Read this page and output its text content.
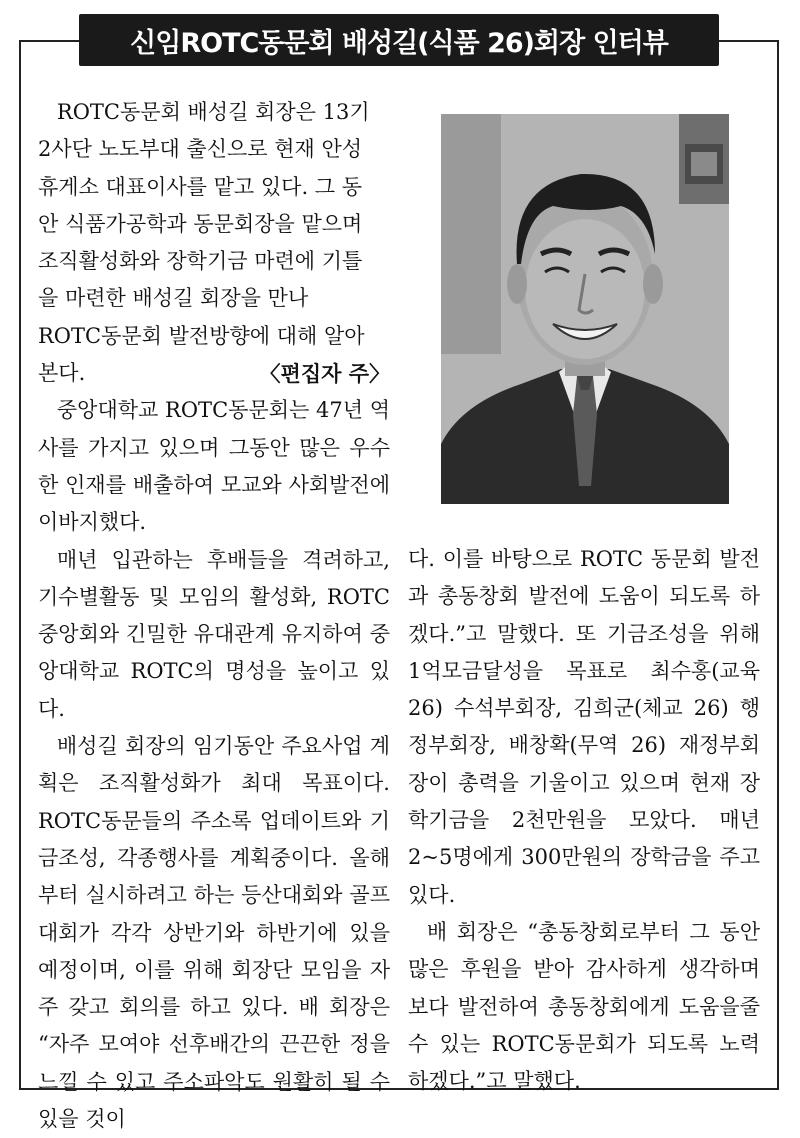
신임ROTC동문회 배성길(식품 26)회장 인터뷰

ROTC동문회 배성길 회장은 13기

2사단 노도부대 출신으로 현재 안성

휴게소 대표이사를 맡고 있다. 그 동

안 식품가공학과 동문회장을 맡으며

조직활성화와 장학기금 마련에 기틀

을 마련한 배성길 회장을 만나

ROTC동문회 발전방향에 대해 알아

본다.	〈편집자 주〉

중앙대학교 ROTC동문회는 47년 역사를 가지고 있으며 그동안 많은 우수한 인재를 배출하여 모교와 사회발전에 이바지했다.

매년 입관하는 후배들을 격려하고, 기수별활동 및 모임의 활성화, ROTC 중앙회와 긴밀한 유대관계 유지하여 중앙대학교 ROTC의 명성을 높이고 있다.

배성길 회장의 임기동안 주요사업 계획은 조직활성화가 최대 목표이다. ROTC동문들의 주소록 업데이트와 기금조성, 각종행사를 계획중이다. 올해부터 실시하려고 하는 등산대회와 골프대회가 각각 상반기와 하반기에 있을 예정이며, 이를 위해 회장단 모임을 자주 갖고 회의를 하고 있다. 배 회장은 “자주 모여야 선후배간의 끈끈한 정을 느낄 수 있고 주소파악도 원활히 될 수 있을 것이

다. 이를 바탕으로 ROTC 동문회 발전과 총동창회 발전에 도움이 되도록 하겠다.”고 말했다. 또 기금조성을 위해 1억모금달성을 목표로 최수홍(교육 26) 수석부회장, 김희군(체교 26) 행정부회장, 배창확(무역 26) 재정부회장이 총력을 기울이고 있으며 현재 장학기금을 2천만원을 모았다. 매년 2~5명에게 300만원의 장학금을 주고 있다.

배 회장은 “총동창회로부터 그 동안 많은 후원을 받아 감사하게 생각하며 보다 발전하여 총동창회에게 도움을줄 수 있는 ROTC동문회가 되도록 노력하겠다.”고 말했다.
